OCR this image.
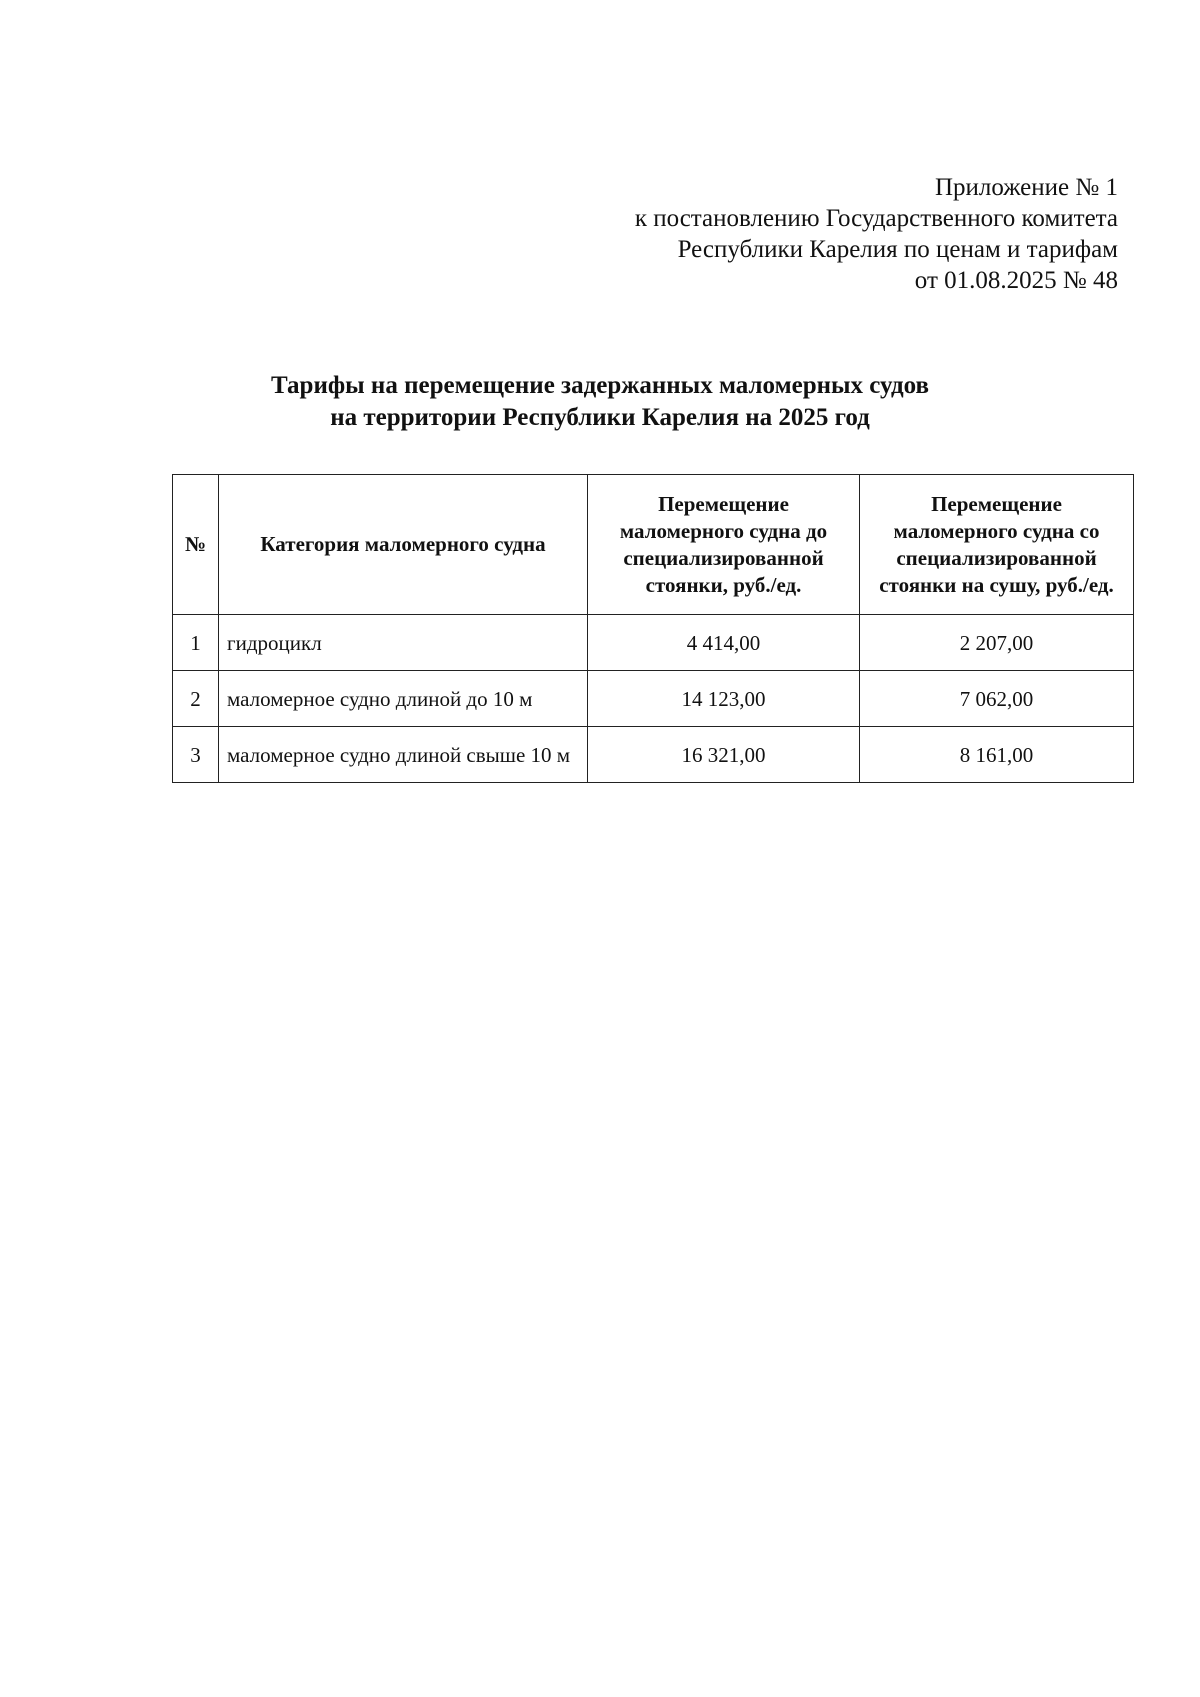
Приложение № 1
к постановлению Государственного комитета
Республики Карелия по ценам и тарифам
от 01.08.2025 № 48
Тарифы на перемещение задержанных маломерных судов
на территории Республики Карелия на 2025 год
№	Категория маломерного судна	Перемещение маломерного судна до специализированной стоянки, руб./ед.	Перемещение маломерного судна со специализированной стоянки на сушу, руб./ед.
1	гидроцикл	4 414,00	2 207,00
2	маломерное судно длиной до 10 м	14 123,00	7 062,00
3	маломерное судно длиной свыше 10 м	16 321,00	8 161,00
